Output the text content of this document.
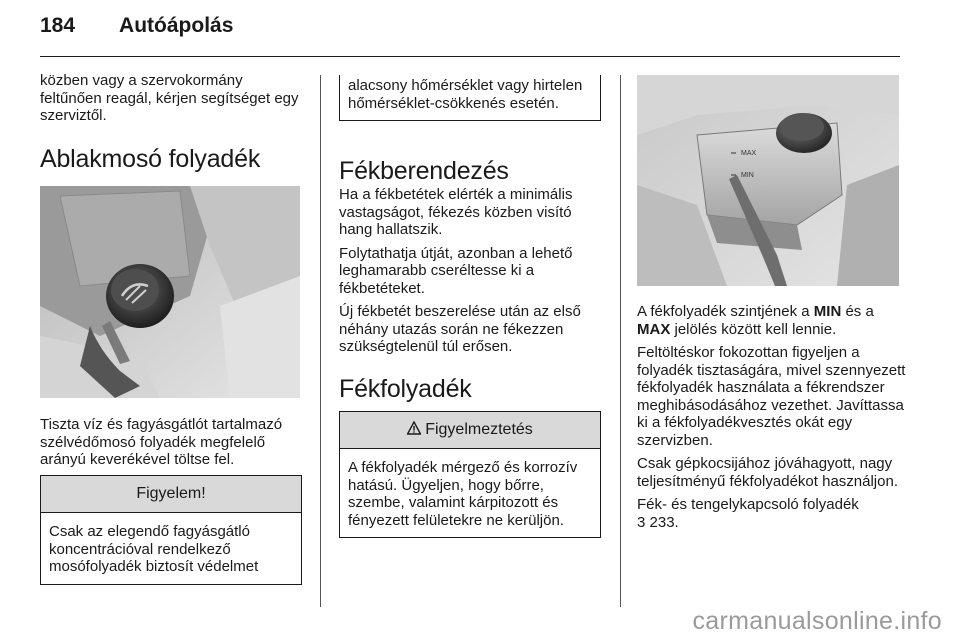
184 Autóápolás

közben vagy a szervokormány feltűnően reagál, kérjen segítséget egy szerviztől.

Ablakmosó folyadék

Tiszta víz és fagyásgátlót tartalmazó szélvédőmosó folyadék megfelelő arányú keverékével töltse fel.

Figyelem!
Csak az elegendő fagyásgátló koncentrációval rendelkező mosófolyadék biztosít védelmet
alacsony hőmérséklet vagy hirtelen hőmérséklet-csökkenés esetén.
Fékberendezés

Ha a fékbetétek elérték a minimális vastagságot, fékezés közben visító hang hallatszik.

Folytathatja útját, azonban a lehető leghamarabb cseréltesse ki a fékbetéteket.

Új fékbetét beszerelése után az első néhány utazás során ne fékezzen szükségtelenül túl erősen.

Fékfolyadék
Figyelmeztetés
A fékfolyadék mérgező és korrozív hatású. Ügyeljen, hogy bőrre, szembe, valamint kárpitozott és fényezett felületekre ne kerüljön.
MAX
MIN

A fékfolyadék szintjének a MIN és a MAX jelölés között kell lennie.

Feltöltéskor fokozottan figyeljen a folyadék tisztaságára, mivel szennyezett fékfolyadék használata a fékrendszer meghibásodásához vezethet. Javíttassa ki a fékfolyadékvesztés okát egy szervizben.

Csak gépkocsijához jóváhagyott, nagy teljesítményű fékfolyadékot használjon.

Fék- és tengelykapcsoló folyadék

3 233.

carmanualsonline.info
